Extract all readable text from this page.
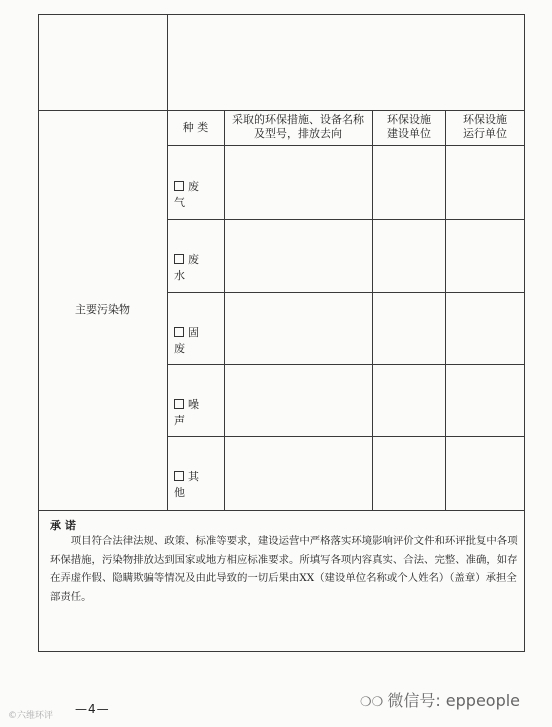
种 类
采取的环保措施、设备名称及型号，排放去向
环保设施建设单位
环保设施运行单位
主要污染物
废 气
废 水
固 废
噪 声
其 他
承 诺
项目符合法律法规、政策、标准等要求，建设运营中严格落实环境影响评价文件和环评批复中各项环保措施，污染物排放达到国家或地方相应标准要求。所填写各项内容真实、合法、完整、准确，如存在弄虚作假、隐瞒欺骗等情况及由此导致的一切后果由XX（建设单位名称或个人姓名）（盖章）承担全部责任。
—4—
©六维环评
❍❍ 微信号: eppeople
